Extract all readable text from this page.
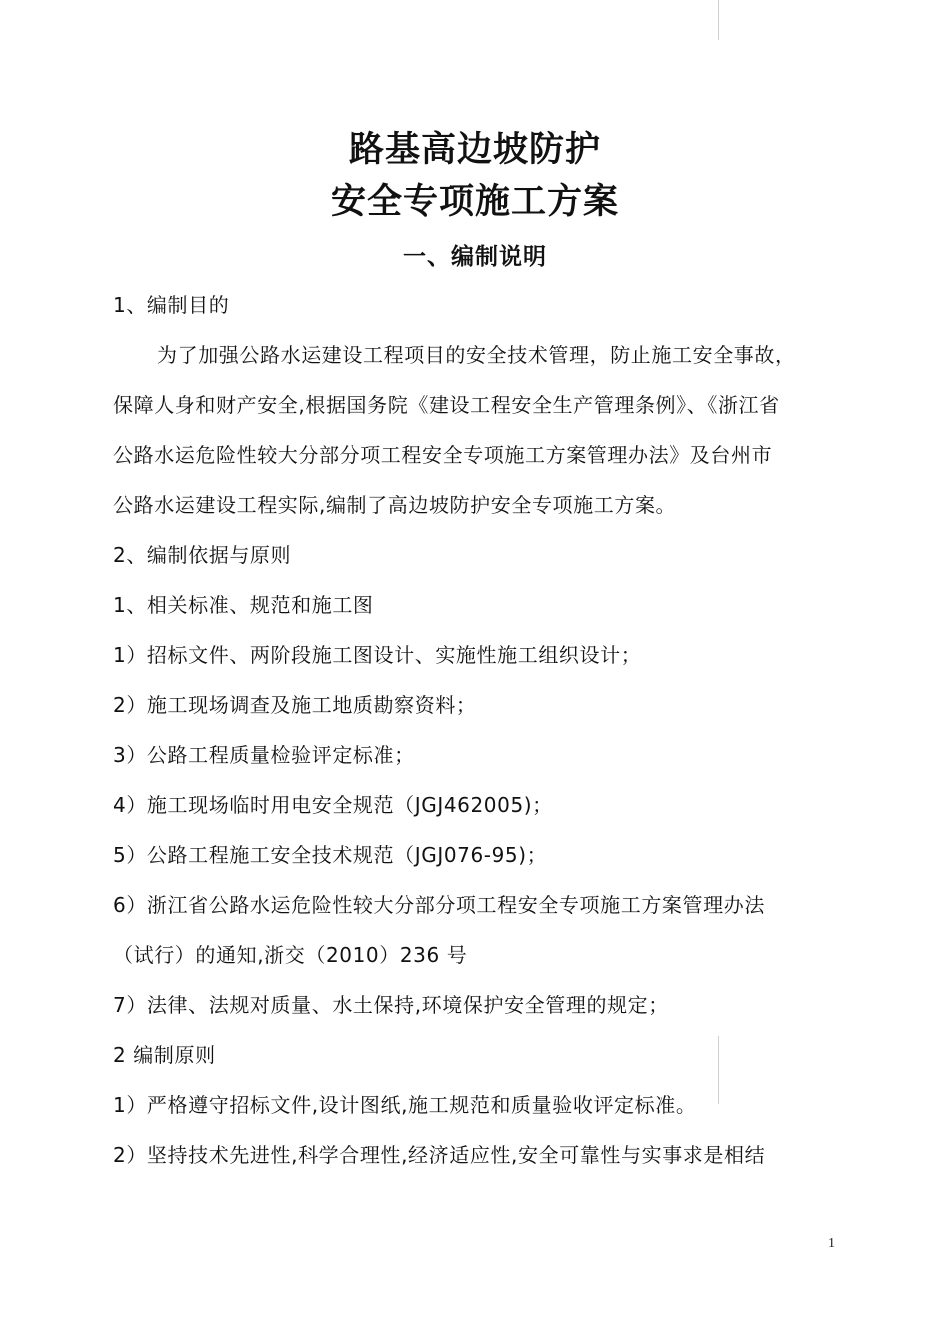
路基高边坡防护
安全专项施工方案
一、编制说明
1、编制目的
为了加强公路水运建设工程项目的安全技术管理，防止施工安全事故，
保障人身和财产安全,根据国务院《建设工程安全生产管理条例》、《浙江省
公路水运危险性较大分部分项工程安全专项施工方案管理办法》及台州市
公路水运建设工程实际,编制了高边坡防护安全专项施工方案。
2、编制依据与原则
1、相关标准、规范和施工图
1）招标文件、两阶段施工图设计、实施性施工组织设计；
2）施工现场调查及施工地质勘察资料；
3）公路工程质量检验评定标准；
4）施工现场临时用电安全规范（JGJ462005)；
5）公路工程施工安全技术规范（JGJ076-95)；
6）浙江省公路水运危险性较大分部分项工程安全专项施工方案管理办法
（试行）的通知,浙交（2010）236 号
7）法律、法规对质量、水土保持,环境保护安全管理的规定；
2 编制原则
1）严格遵守招标文件,设计图纸,施工规范和质量验收评定标准。
2）坚持技术先进性,科学合理性,经济适应性,安全可靠性与实事求是相结
1
